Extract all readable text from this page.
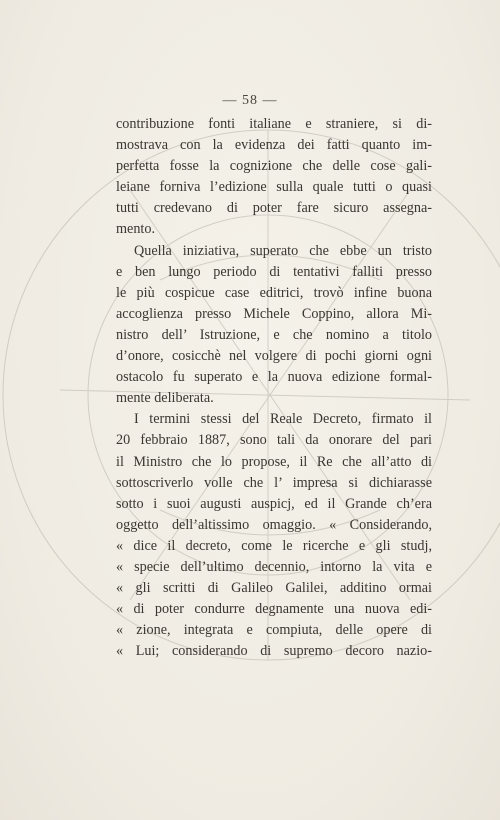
— 58 —
contribuzione fonti italiane e straniere, si di-
mostrava con la evidenza dei fatti quanto im-
perfetta fosse la cognizione che delle cose gali-
leiane forniva l’edizione sulla quale tutti o quasi
tutti credevano di poter fare sicuro assegna-
mento.
Quella iniziativa, superato che ebbe un tristo
e ben lungo periodo di tentativi falliti presso
le più cospicue case editrici, trovò infine buona
accoglienza presso Michele Coppino, allora Mi-
nistro dell’ Istruzione, e che nomino a titolo
d’onore, cosicchè nel volgere di pochi giorni ogni
ostacolo fu superato e la nuova edizione formal-
mente deliberata.
I termini stessi del Reale Decreto, firmato il
20 febbraio 1887, sono tali da onorare del pari
il Ministro che lo propose, il Re che all’atto di
sottoscriverlo volle che l’ impresa si dichiarasse
sotto i suoi augusti auspicj, ed il Grande ch’era
oggetto dell’altissimo omaggio. « Considerando,
« dice il decreto, come le ricerche e gli studj,
« specie dell’ultimo decennio, intorno la vita e
« gli scritti di Galileo Galilei, additino ormai
« di poter condurre degnamente una nuova edi-
« zione, integrata e compiuta, delle opere di
« Lui; considerando di supremo decoro nazio-
